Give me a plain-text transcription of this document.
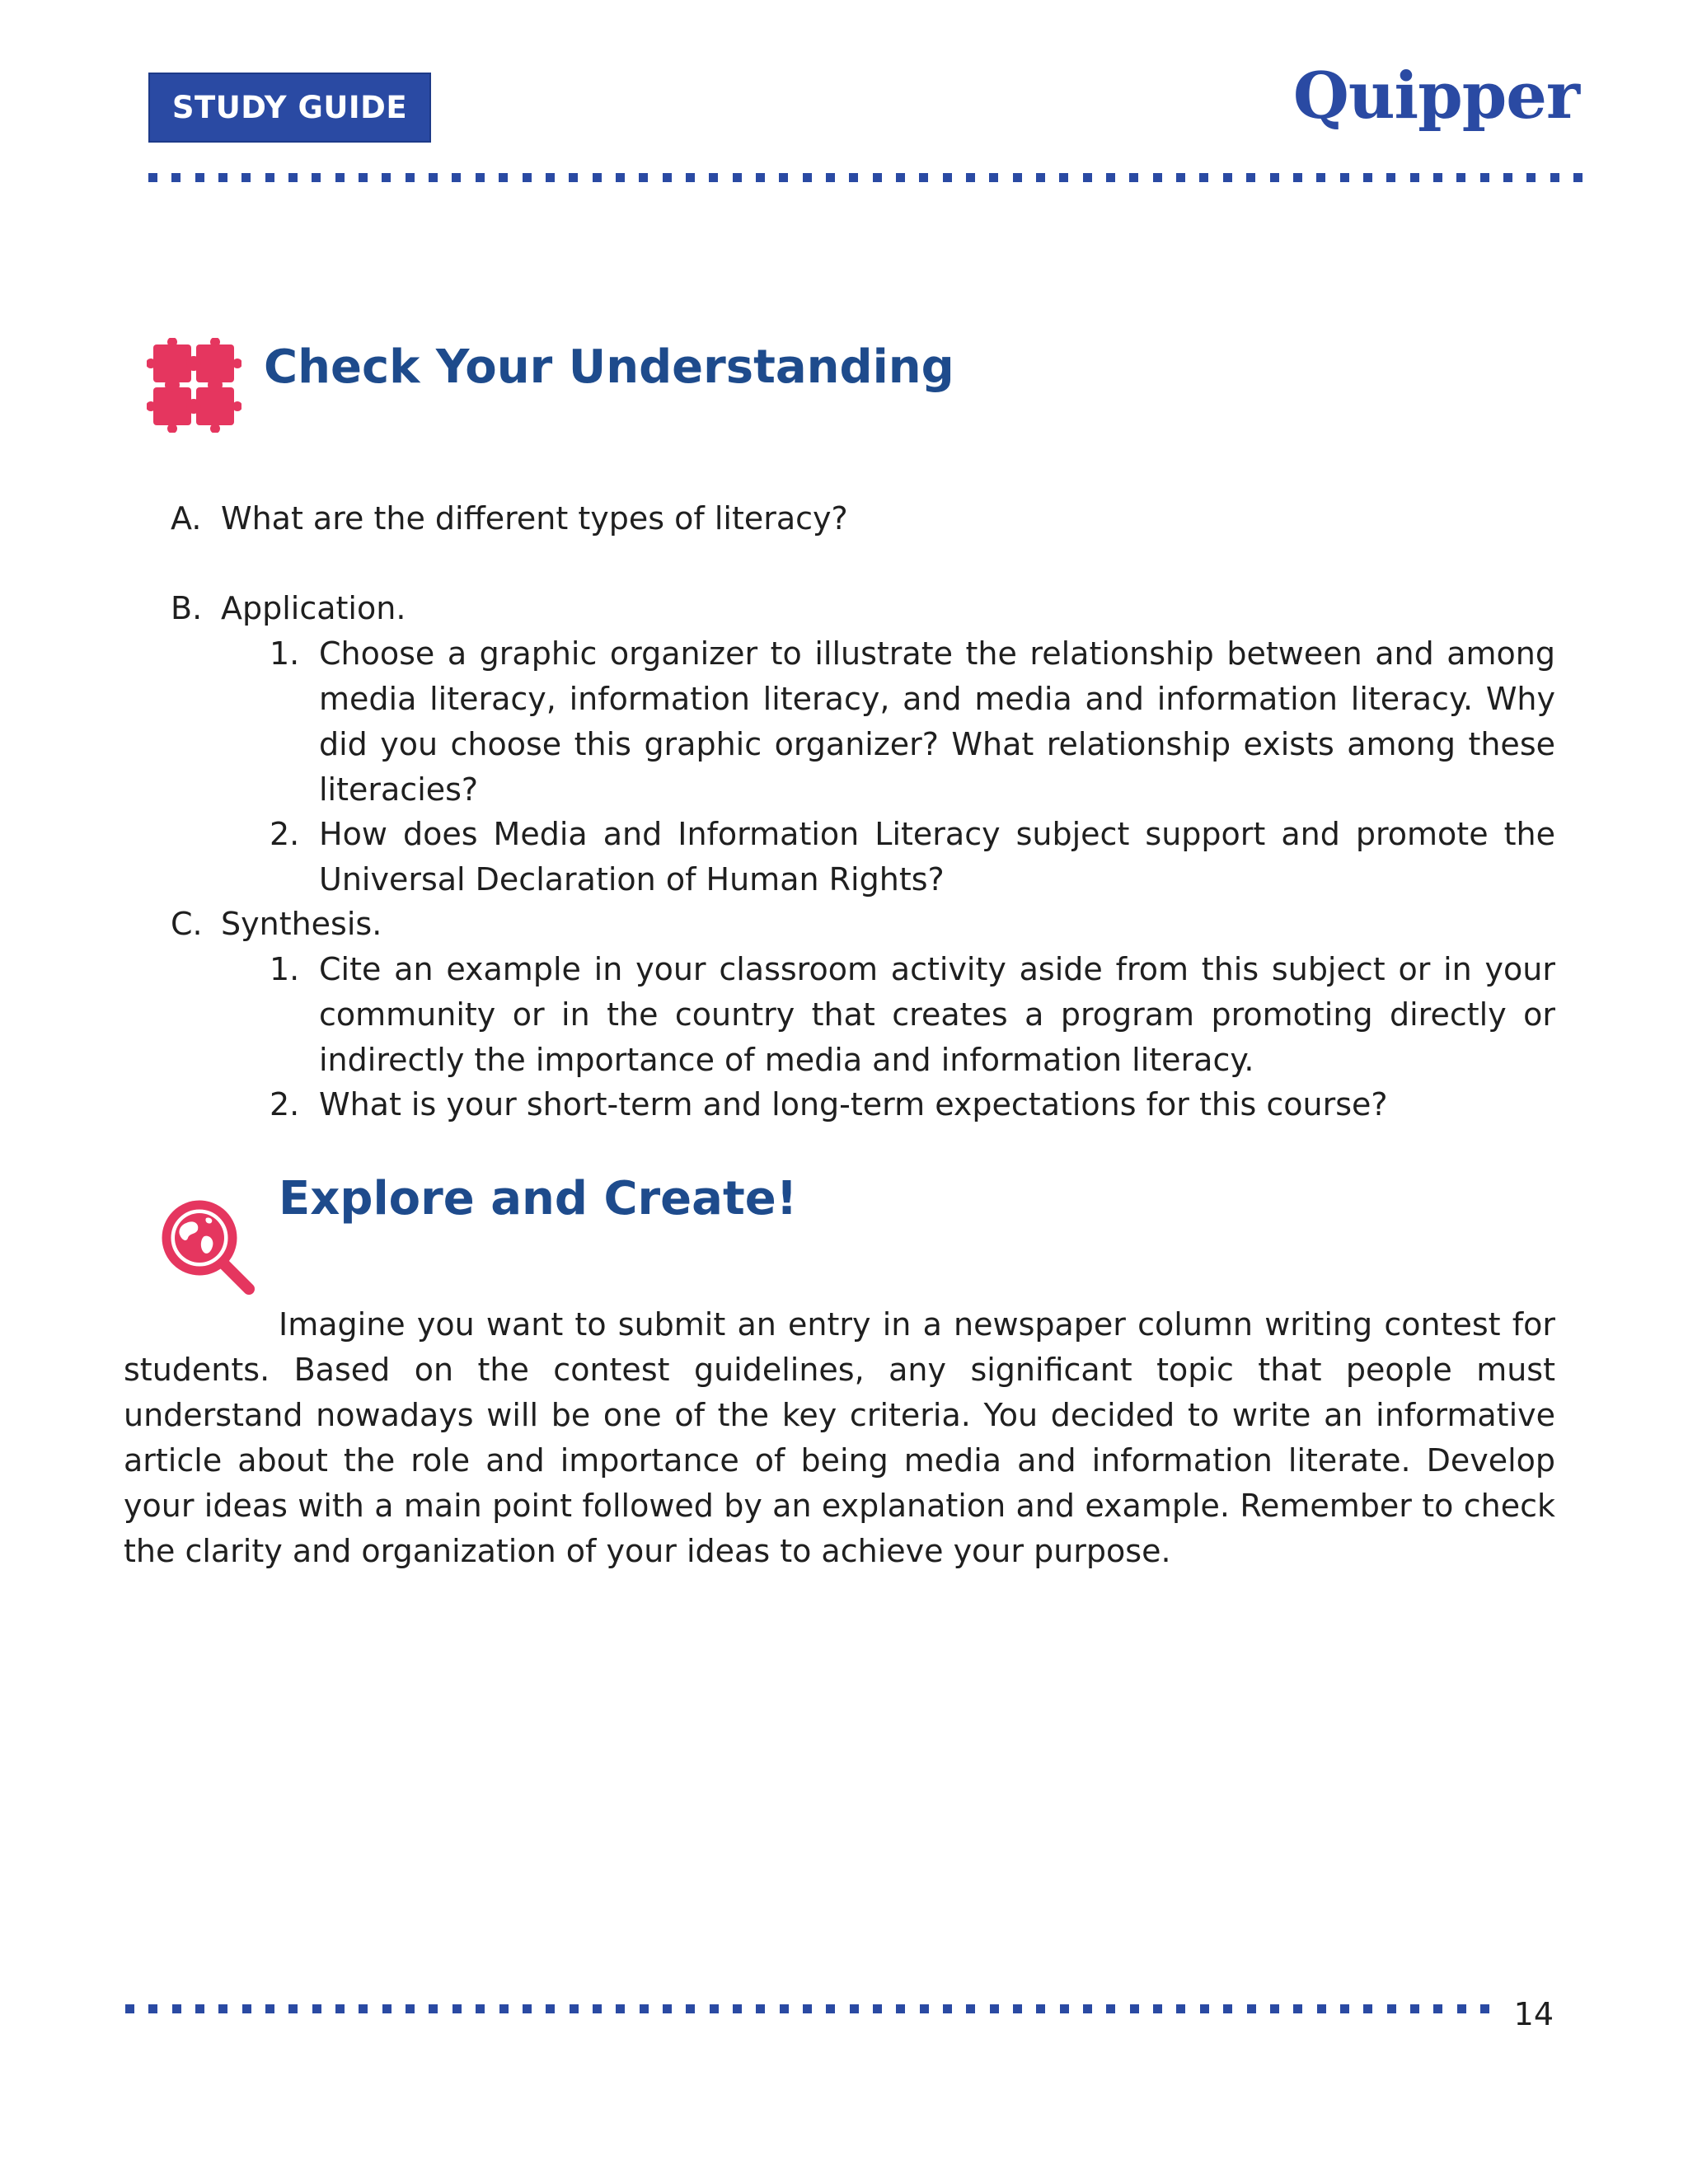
STUDY GUIDE	Quipper
Check Your Understanding
A. What are the different types of literacy?
B. Application.
1. Choose a graphic organizer to illustrate the relationship between and among media literacy, information literacy, and media and information literacy. Why did you choose this graphic organizer? What relationship exists among these literacies?
2. How does Media and Information Literacy subject support and promote the Universal Declaration of Human Rights?
C. Synthesis.
1. Cite an example in your classroom activity aside from this subject or in your community or in the country that creates a program promoting directly or indirectly the importance of media and information literacy.
2. What is your short-term and long-term expectations for this course?
Explore and Create!
Imagine you want to submit an entry in a newspaper column writing contest for students. Based on the contest guidelines, any significant topic that people must understand nowadays will be one of the key criteria. You decided to write an informative article about the role and importance of being media and information literate. Develop your ideas with a main point followed by an explanation and example. Remember to check the clarity and organization of your ideas to achieve your purpose.
14
